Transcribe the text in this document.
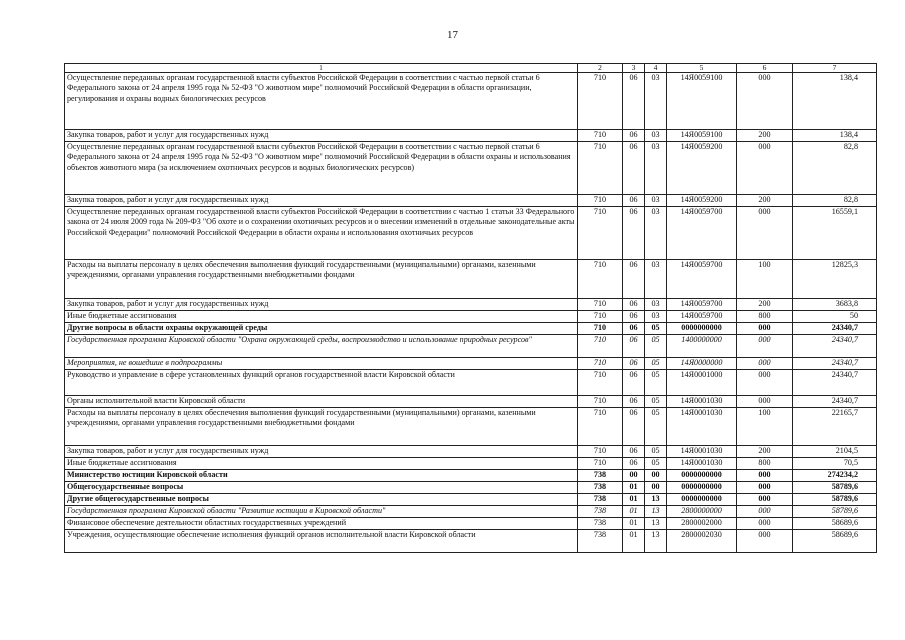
17
1	2	3	4	5	6	7
Осуществление переданных органам государственной власти субъектов Российской Федерации в соответствии с частью первой статьи 6 Федерального закона от 24 апреля 1995 года № 52-ФЗ "О животном мире" полномочий Российской Федерации в области организации, регулирования и охраны водных биологических ресурсов	710	06	03	14Я0059100	000	138,4
Закупка товаров, работ и услуг для государственных нужд	710	06	03	14Я0059100	200	138,4
Осуществление переданных органам государственной власти субъектов Российской Федерации в соответствии с частью первой статьи 6 Федерального закона от 24 апреля 1995 года № 52-ФЗ "О животном мире" полномочий Российской Федерации в области охраны и использования объектов животного мира (за исключением охотничьих ресурсов и водных биологических ресурсов)	710	06	03	14Я0059200	000	82,8
Закупка товаров, работ и услуг для государственных нужд	710	06	03	14Я0059200	200	82,8
Осуществление переданных органам государственной власти субъектов Российской Федерации в соответствии с частью 1 статьи 33 Федерального закона от 24 июля 2009 года № 209-ФЗ "Об охоте и о сохранении охотничьих ресурсов и о внесении изменений в отдельные законодательные акты Российской Федерации" полномочий Российской Федерации в области охраны и использования охотничьих ресурсов	710	06	03	14Я0059700	000	16559,1
Расходы на выплаты персоналу в целях обеспечения выполнения функций государственными (муниципальными) органами, казенными учреждениями, органами управления государственными внебюджетными фондами	710	06	03	14Я0059700	100	12825,3
Закупка товаров, работ и услуг для государственных нужд	710	06	03	14Я0059700	200	3683,8
Иные бюджетные ассигнования	710	06	03	14Я0059700	800	50
Другие вопросы в области охраны окружающей среды	710	06	05	0000000000	000	24340,7
Государственная программа Кировской области "Охрана окружающей среды, воспроизводство и использование природных ресурсов"	710	06	05	1400000000	000	24340,7
Мероприятия, не вошедшие в подпрограммы	710	06	05	14Я0000000	000	24340,7
Руководство и управление в сфере установленных функций органов государственной власти Кировской области	710	06	05	14Я0001000	000	24340,7
Органы исполнительной власти Кировской области	710	06	05	14Я0001030	000	24340,7
Расходы на выплаты персоналу в целях обеспечения выполнения функций государственными (муниципальными) органами, казенными учреждениями, органами управления государственными внебюджетными фондами	710	06	05	14Я0001030	100	22165,7
Закупка товаров, работ и услуг для государственных нужд	710	06	05	14Я0001030	200	2104,5
Иные бюджетные ассигнования	710	06	05	14Я0001030	800	70,5
Министерство юстиции Кировской области	738	00	00	0000000000	000	274234,2
Общегосударственные вопросы	738	01	00	0000000000	000	58789,6
Другие общегосударственные вопросы	738	01	13	0000000000	000	58789,6
Государственная программа Кировской области "Развитие юстиции в Кировской области"	738	01	13	2800000000	000	58789,6
Финансовое обеспечение деятельности областных государственных учреждений	738	01	13	2800002000	000	58689,6
Учреждения, осуществляющие обеспечение исполнения функций органов исполнительной власти Кировской области	738	01	13	2800002030	000	58689,6
